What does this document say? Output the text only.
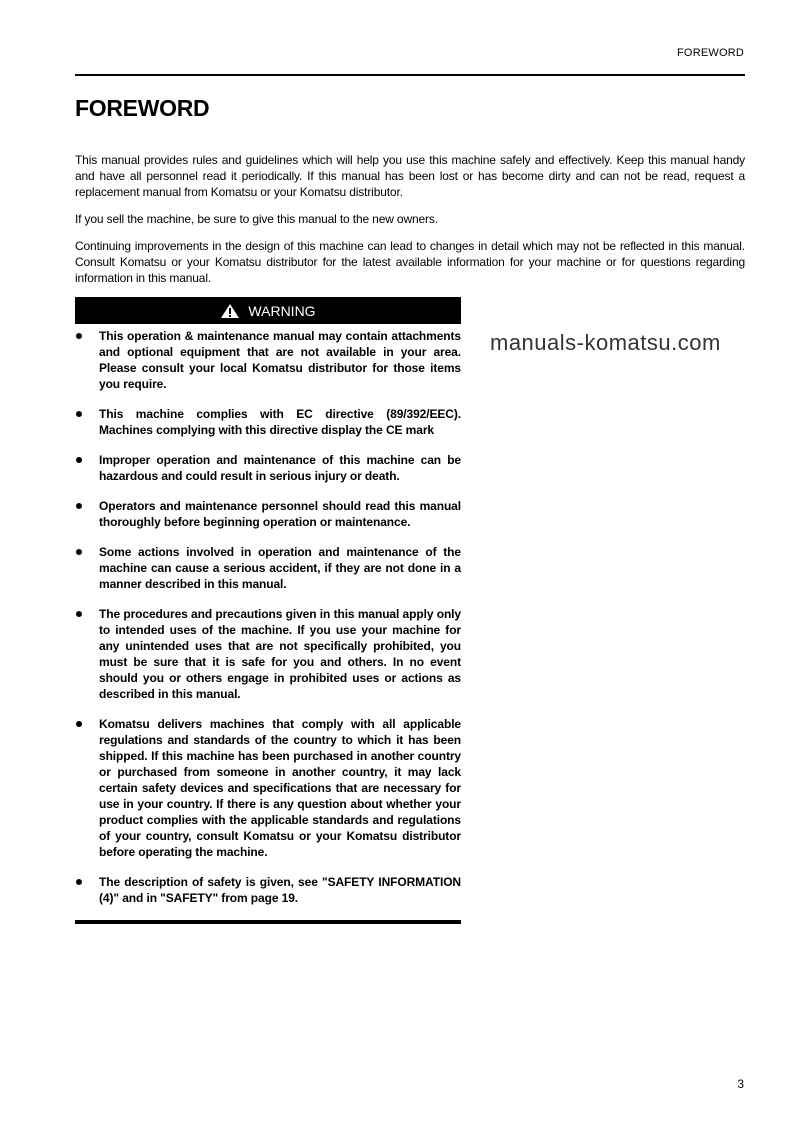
FOREWORD
FOREWORD

This manual provides rules and guidelines which will help you use this machine safely and effectively. Keep this manual handy and have all personnel read it periodically. If this manual has been lost or has become dirty and can not be read, request a replacement manual from Komatsu or your Komatsu distributor.

If you sell the machine, be sure to give this manual to the new owners.

Continuing improvements in the design of this machine can lead to changes in detail which may not be reflected in this manual. Consult Komatsu or your Komatsu distributor for the latest available information for your machine or for questions regarding information in this manual.

WARNING
This operation & maintenance manual may contain attachments and optional equipment that are not available in your area. Please consult your local Komatsu distributor for those items you require.
This machine complies with EC directive (89/392/EEC). Machines complying with this directive display the CE mark
Improper operation and maintenance of this machine can be hazardous and could result in serious injury or death.
Operators and maintenance personnel should read this manual thoroughly before beginning operation or maintenance.
Some actions involved in operation and maintenance of the machine can cause a serious accident, if they are not done in a manner described in this manual.
The procedures and precautions given in this manual apply only to intended uses of the machine. If you use your machine for any unintended uses that are not specifically prohibited, you must be sure that it is safe for you and others. In no event should you or others engage in prohibited uses or actions as described in this manual.
Komatsu delivers machines that comply with all applicable regulations and standards of the country to which it has been shipped. If this machine has been purchased in another country or purchased from someone in another country, it may lack certain safety devices and specifications that are necessary for use in your country. If there is any question about whether your product complies with the applicable standards and regulations of your country, consult Komatsu or your Komatsu distributor before operating the machine.
The description of safety is given, see "SAFETY INFORMATION (4)" and in "SAFETY" from page 19.
manuals-komatsu.com
3
